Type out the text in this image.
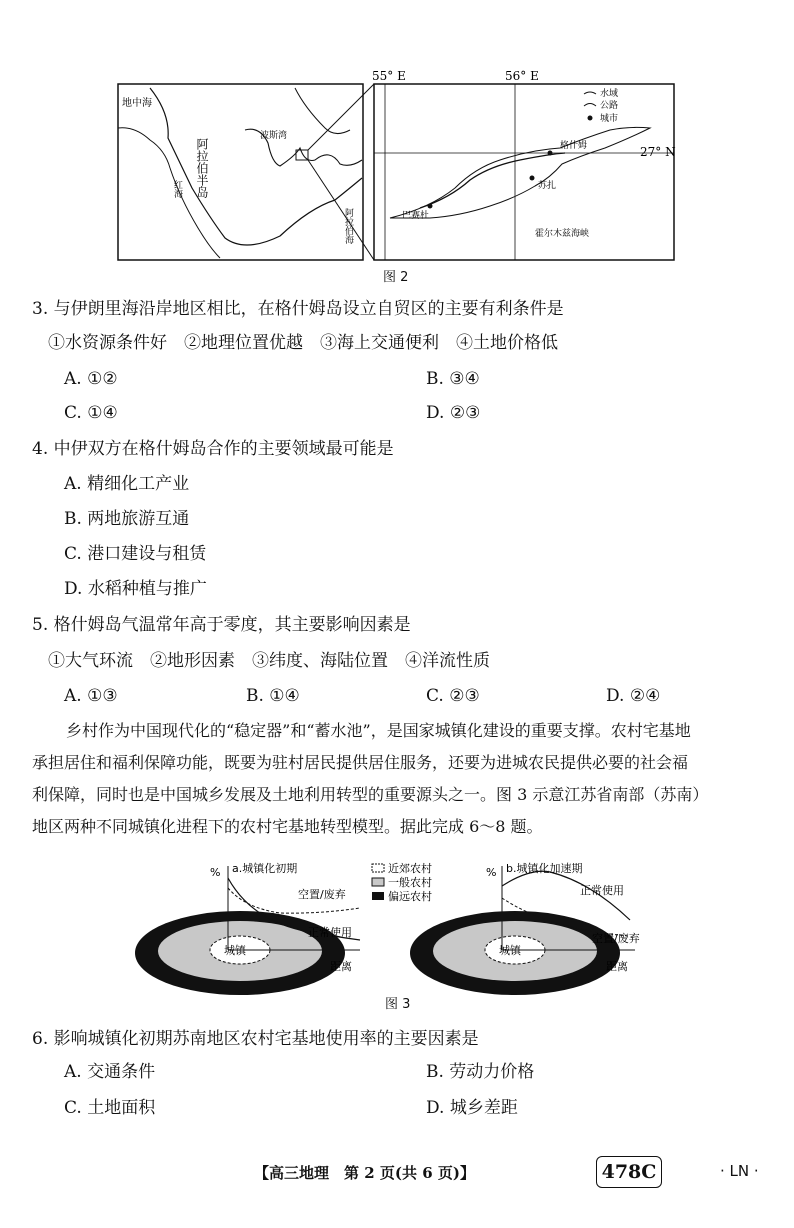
地中海
阿拉伯半岛
红海
阿拉伯海
波斯湾
55° E	56° E
27° N
格什姆
苏扎
巴赛杜
霍尔木兹海峡
水域
公路
城市
图 2
3. 与伊朗里海沿岸地区相比，在格什姆岛设立自贸区的主要有利条件是
①水资源条件好　②地理位置优越　③海上交通便利　④土地价格低
A. ①②	B. ③④
C. ①④	D. ②③
4. 中伊双方在格什姆岛合作的主要领域最可能是
A. 精细化工产业
B. 两地旅游互通
C. 港口建设与租赁
D. 水稻种植与推广
5. 格什姆岛气温常年高于零度，其主要影响因素是
①大气环流　②地形因素　③纬度、海陆位置　④洋流性质
A. ①③	B. ①④	C. ②③	D. ②④
乡村作为中国现代化的“稳定器”和“蓄水池”，是国家城镇化建设的重要支撑。农村宅基地
承担居住和福利保障功能，既要为驻村居民提供居住服务，还要为进城农民提供必要的社会福
利保障，同时也是中国城乡发展及土地利用转型的重要源头之一。图 3 示意江苏省南部（苏南）
地区两种不同城镇化进程下的农村宅基地转型模型。据此完成 6～8 题。
城镇
% a.城镇化初期
空置/废弃
正常使用
距离
近郊农村
一般农村
偏远农村
城镇
% b.城镇化加速期
正常使用
空置/废弃
距离
图 3
6. 影响城镇化初期苏南地区农村宅基地使用率的主要因素是
A. 交通条件	B. 劳动力价格
C. 土地面积	D. 城乡差距
【高三地理　第 2 页(共 6 页)】	478C	· LN ·
